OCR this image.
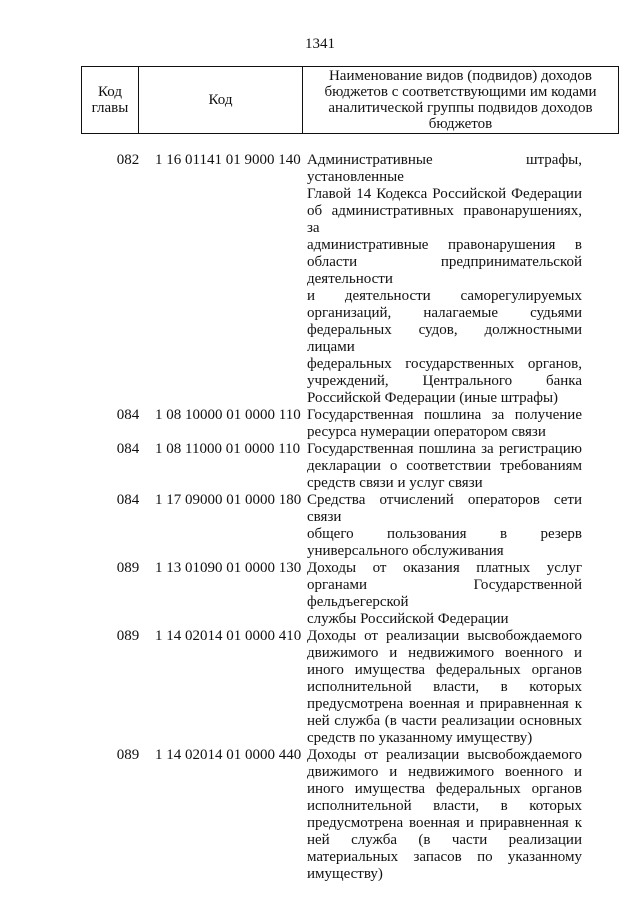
1341
Код главы	Код	Наименование видов (подвидов) доходов бюджетов с соответствующими им кодами аналитической группы подвидов доходов бюджетов
082	1 16 01141 01 9000 140 Административные штрафы, установленные
Главой 14 Кодекса Российской Федерации
об административных правонарушениях, за
административные правонарушения в
области предпринимательской деятельности
и деятельности саморегулируемых
организаций, налагаемые судьями
федеральных судов, должностными лицами
федеральных государственных органов,
учреждений, Центрального банка
Российской Федерации (иные штрафы)
084	1 08 10000 01 0000 110 Государственная пошлина за получение
ресурса нумерации оператором связи
084	1 08 11000 01 0000 110 Государственная пошлина за регистрацию
декларации о соответствии требованиям
средств связи и услуг связи
084	1 17 09000 01 0000 180 Средства отчислений операторов сети связи
общего пользования в резерв
универсального обслуживания
089	1 13 01090 01 0000 130 Доходы от оказания платных услуг
органами Государственной фельдъегерской
службы Российской Федерации
089	1 14 02014 01 0000 410 Доходы от реализации высвобождаемого
движимого и недвижимого военного и
иного имущества федеральных органов
исполнительной власти, в которых
предусмотрена военная и приравненная к
ней служба (в части реализации основных
средств по указанному имуществу)
089	1 14 02014 01 0000 440 Доходы от реализации высвобождаемого
движимого и недвижимого военного и
иного имущества федеральных органов
исполнительной власти, в которых
предусмотрена военная и приравненная к
ней служба (в части реализации
материальных запасов по указанному
имуществу)
